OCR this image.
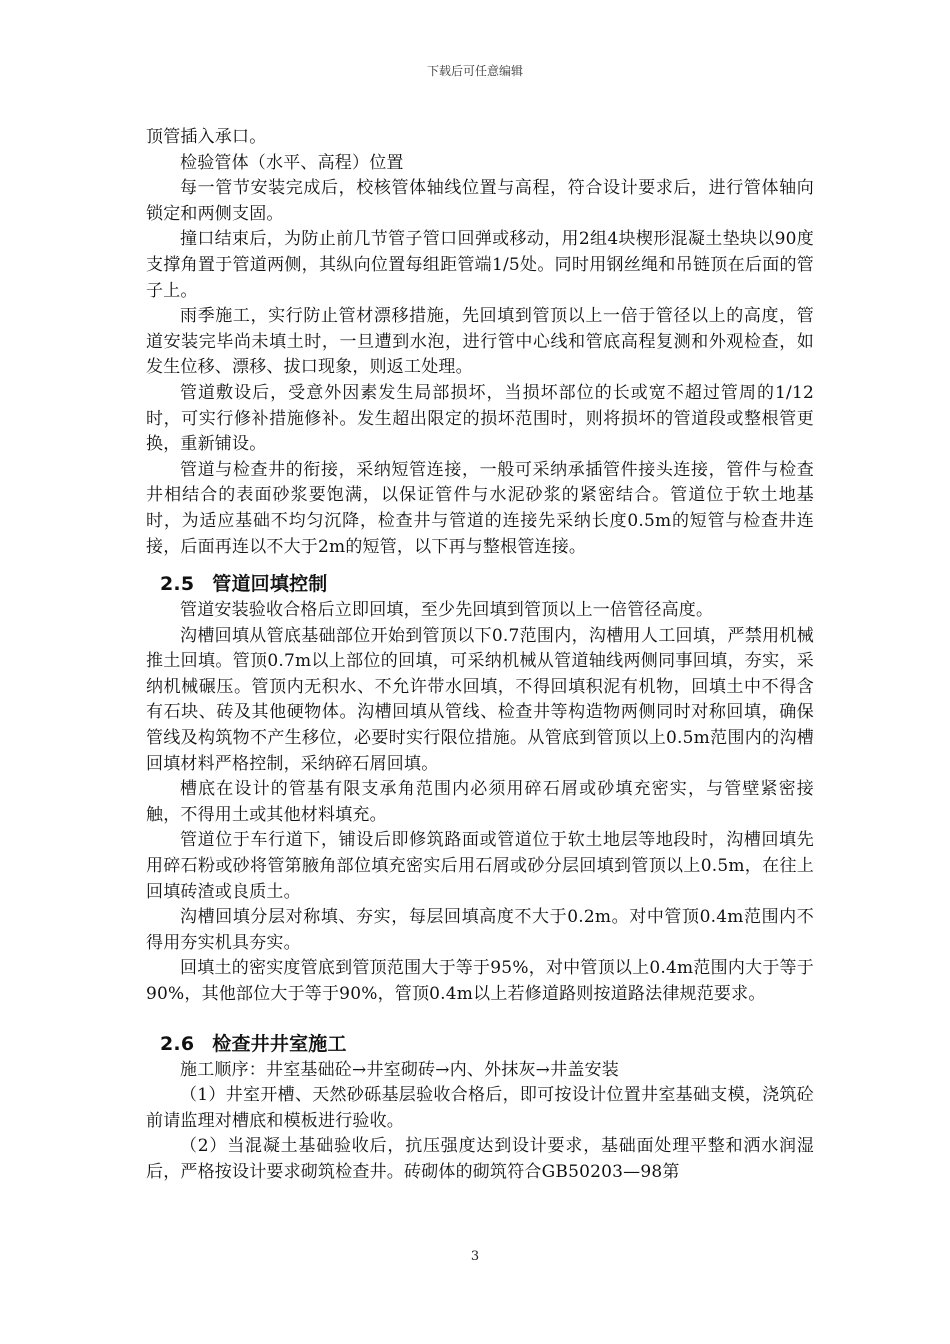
下载后可任意编辑

顶管插入承口。

检验管体（水平、高程）位置

每一管节安装完成后，校核管体轴线位置与高程，符合设计要求后，进行管体轴向锁定和两侧支固。

撞口结束后，为防止前几节管子管口回弹或移动，用2组4块楔形混凝土垫块以90度支撑角置于管道两侧，其纵向位置每组距管端1/5处。同时用钢丝绳和吊链顶在后面的管子上。

雨季施工，实行防止管材漂移措施，先回填到管顶以上一倍于管径以上的高度，管道安装完毕尚未填土时，一旦遭到水泡，进行管中心线和管底高程复测和外观检查，如发生位移、漂移、拔口现象，则返工处理。

管道敷设后，受意外因素发生局部损坏，当损坏部位的长或宽不超过管周的1/12时，可实行修补措施修补。发生超出限定的损坏范围时，则将损坏的管道段或整根管更换，重新铺设。

管道与检查井的衔接，采纳短管连接，一般可采纳承插管件接头连接，管件与检查井相结合的表面砂浆要饱满，以保证管件与水泥砂浆的紧密结合。管道位于软土地基时，为适应基础不均匀沉降，检查井与管道的连接先采纳长度0.5m的短管与检查井连接，后面再连以不大于2m的短管，以下再与整根管连接。

2.5 管道回填控制

管道安装验收合格后立即回填，至少先回填到管顶以上一倍管径高度。

沟槽回填从管底基础部位开始到管顶以下0.7范围内，沟槽用人工回填，严禁用机械推土回填。管顶0.7m以上部位的回填，可采纳机械从管道轴线两侧同事回填，夯实，采纳机械碾压。管顶内无积水、不允许带水回填，不得回填积泥有机物，回填土中不得含有石块、砖及其他硬物体。沟槽回填从管线、检查井等构造物两侧同时对称回填，确保管线及构筑物不产生移位，必要时实行限位措施。从管底到管顶以上0.5m范围内的沟槽回填材料严格控制，采纳碎石屑回填。

槽底在设计的管基有限支承角范围内必须用碎石屑或砂填充密实，与管壁紧密接触，不得用土或其他材料填充。

管道位于车行道下，铺设后即修筑路面或管道位于软土地层等地段时，沟槽回填先用碎石粉或砂将管第腋角部位填充密实后用石屑或砂分层回填到管顶以上0.5m，在往上回填砖渣或良质土。

沟槽回填分层对称填、夯实，每层回填高度不大于0.2m。对中管顶0.4m范围内不得用夯实机具夯实。

回填土的密实度管底到管顶范围大于等于95%，对中管顶以上0.4m范围内大于等于90%，其他部位大于等于90%，管顶0.4m以上若修道路则按道路法律规范要求。

2.6 检查井井室施工

施工顺序：井室基础砼→井室砌砖→内、外抹灰→井盖安装

（1）井室开槽、天然砂砾基层验收合格后，即可按设计位置井室基础支模，浇筑砼前请监理对槽底和模板进行验收。

（2）当混凝土基础验收后，抗压强度达到设计要求，基础面处理平整和洒水润湿后，严格按设计要求砌筑检查井。砖砌体的砌筑符合GB50203—98第

3
